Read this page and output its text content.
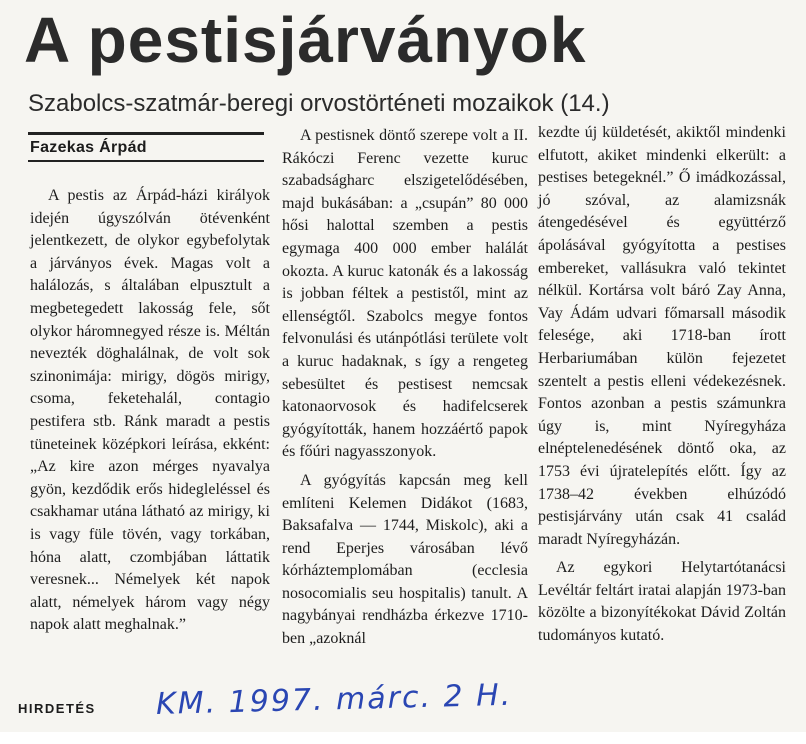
A pestisjárványok
Szabolcs-szatmár-beregi orvostörténeti mozaikok (14.)
Fazekas Árpád

A pestis az Árpád-házi királyok idején úgyszólván ötévenként jelentkezett, de olykor egybefolytak a járványos évek. Magas volt a halálozás, s általában elpusztult a megbetegedett lakosság fele, sőt olykor háromnegyed része is. Méltán nevezték döghalálnak, de volt sok szinonimája: mirigy, dögös mirigy, csoma, feketehalál, contagio pestifera stb. Ránk maradt a pestis tüneteinek középkori leírása, ekként: „Az kire azon mérges nyavalya gyön, kezdődik erős hidegleléssel és csakhamar utána látható az mirigy, ki is vagy füle tövén, vagy torkában, hóna alatt, czombjában láttatik veresnek... Némelyek két napok alatt, némelyek három vagy négy napok alatt meghalnak.”

A pestisnek döntő szerepe volt a II. Rákóczi Ferenc vezette kuruc szabadságharc elszigetelődésében, majd bukásában: a „csupán” 80 000 hősi halottal szemben a pestis egymaga 400 000 ember halálát okozta. A kuruc katonák és a lakosság is jobban féltek a pestistől, mint az ellenségtől. Szabolcs megye fontos felvonulási és utánpótlási területe volt a kuruc hadaknak, s így a rengeteg sebesültet és pestisest nemcsak katonaorvosok és hadifelcserek gyógyították, hanem hozzáértő papok és főúri nagyasszonyok.

A gyógyítás kapcsán meg kell említeni Kelemen Didákot (1683, Baksafalva — 1744, Miskolc), aki a rend Eperjes városában lévő kórháztemplomában (ecclesia nosocomialis seu hospitalis) tanult. A nagybányai rendházba érkezve 1710-ben „azoknál

kezdte új küldetését, akiktől mindenki elfutott, akiket mindenki elkerült: a pestises betegeknél.” Ő imádkozással, jó szóval, az alamizsnák átengedésével és együttérző ápolásával gyógyította a pestises embereket, vallásukra való tekintet nélkül. Kortársa volt báró Zay Anna, Vay Ádám udvari főmarsall második felesége, aki 1718-ban írott Herbariumában külön fejezetet szentelt a pestis elleni védekezésnek. Fontos azonban a pestis számunkra úgy is, mint Nyíregyháza elnéptelenedésének döntő oka, az 1753 évi újratelepítés előtt. Így az 1738–42 években elhúzódó pestisjárvány után csak 41 család maradt Nyíregyházán.

Az egykori Helytartótanácsi Levéltár feltárt iratai alapján 1973-ban közölte a bizonyítékokat Dávid Zoltán tudományos kutató.

HIRDETÉS	KM. 1997. márc. 2 H.
